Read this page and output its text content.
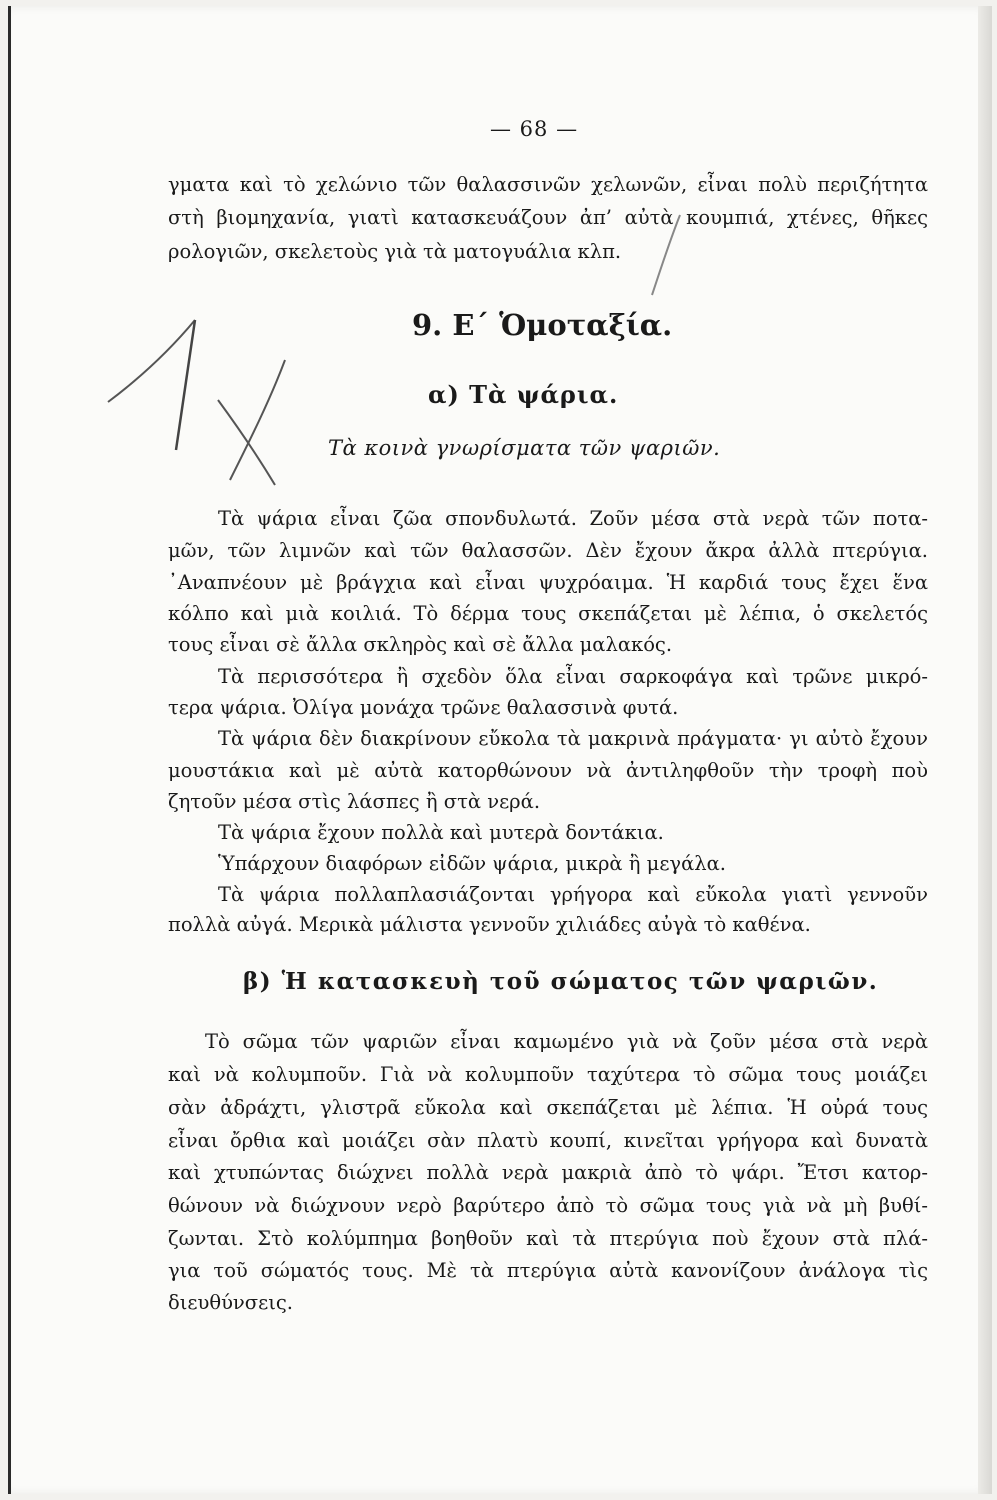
— 68 —
γματα καὶ τὸ χελώνιο τῶν θαλασσινῶν χελωνῶν, εἶναι πολὺ περιζήτητα
στὴ βιομηχανία, γιατὶ κατασκευάζουν ἀπ’ αὐτὰ κουμπιά, χτένες, θῆκες
ρολογιῶν, σκελετοὺς γιὰ τὰ ματογυάλια κλπ.
9. Ε΄ Ὁμοταξία.
α) Τὰ ψάρια.
Τὰ κοινὰ γνωρίσματα τῶν ψαριῶν.
Τὰ ψάρια εἶναι ζῶα σπονδυλωτά. Ζοῦν μέσα στὰ νερὰ τῶν ποτα-
μῶν, τῶν λιμνῶν καὶ τῶν θαλασσῶν. Δὲν ἔχουν ἄκρα ἀλλὰ πτερύγια.
᾿Αναπνέουν μὲ βράγχια καὶ εἶναι ψυχρόαιμα. Ἡ καρδιά τους ἔχει ἕνα
κόλπο καὶ μιὰ κοιλιά. Τὸ δέρμα τους σκεπάζεται μὲ λέπια, ὁ σκελετός
τους εἶναι σὲ ἄλλα σκληρὸς καὶ σὲ ἄλλα μαλακός.
Τὰ περισσότερα ἢ σχεδὸν ὅλα εἶναι σαρκοφάγα καὶ τρῶνε μικρό-
τερα ψάρια. Ὀλίγα μονάχα τρῶνε θαλασσινὰ φυτά.
Τὰ ψάρια δὲν διακρίνουν εὔκολα τὰ μακρινὰ πράγματα· γι αὐτὸ ἔχουν
μουστάκια καὶ μὲ αὐτὰ κατορθώνουν νὰ ἀντιληφθοῦν τὴν τροφὴ ποὺ
ζητοῦν μέσα στὶς λάσπες ἢ στὰ νερά.
Τὰ ψάρια ἔχουν πολλὰ καὶ μυτερὰ δοντάκια.
Ὑπάρχουν διαφόρων εἰδῶν ψάρια, μικρὰ ἢ μεγάλα.
Τὰ ψάρια πολλαπλασιάζονται γρήγορα καὶ εὔκολα γιατὶ γεννοῦν
πολλὰ αὐγά. Μερικὰ μάλιστα γεννοῦν χιλιάδες αὐγὰ τὸ καθένα.
β) Ἡ κατασκευὴ τοῦ σώματος τῶν ψαριῶν.
Τὸ σῶμα τῶν ψαριῶν εἶναι καμωμένο γιὰ νὰ ζοῦν μέσα στὰ νερὰ
καὶ νὰ κολυμποῦν. Γιὰ νὰ κολυμποῦν ταχύτερα τὸ σῶμα τους μοιάζει
σὰν ἀδράχτι, γλιστρᾶ εὔκολα καὶ σκεπάζεται μὲ λέπια. Ἡ οὐρά τους
εἶναι ὄρθια καὶ μοιάζει σὰν πλατὺ κουπί, κινεῖται γρήγορα καὶ δυνατὰ
καὶ χτυπώντας διώχνει πολλὰ νερὰ μακριὰ ἀπὸ τὸ ψάρι. Ἔτσι κατορ-
θώνουν νὰ διώχνουν νερὸ βαρύτερο ἀπὸ τὸ σῶμα τους γιὰ νὰ μὴ βυθί-
ζωνται. Στὸ κολύμπημα βοηθοῦν καὶ τὰ πτερύγια ποὺ ἔχουν στὰ πλά-
για τοῦ σώματός τους. Μὲ τὰ πτερύγια αὐτὰ κανονίζουν ἀνάλογα τὶς
διευθύνσεις.
